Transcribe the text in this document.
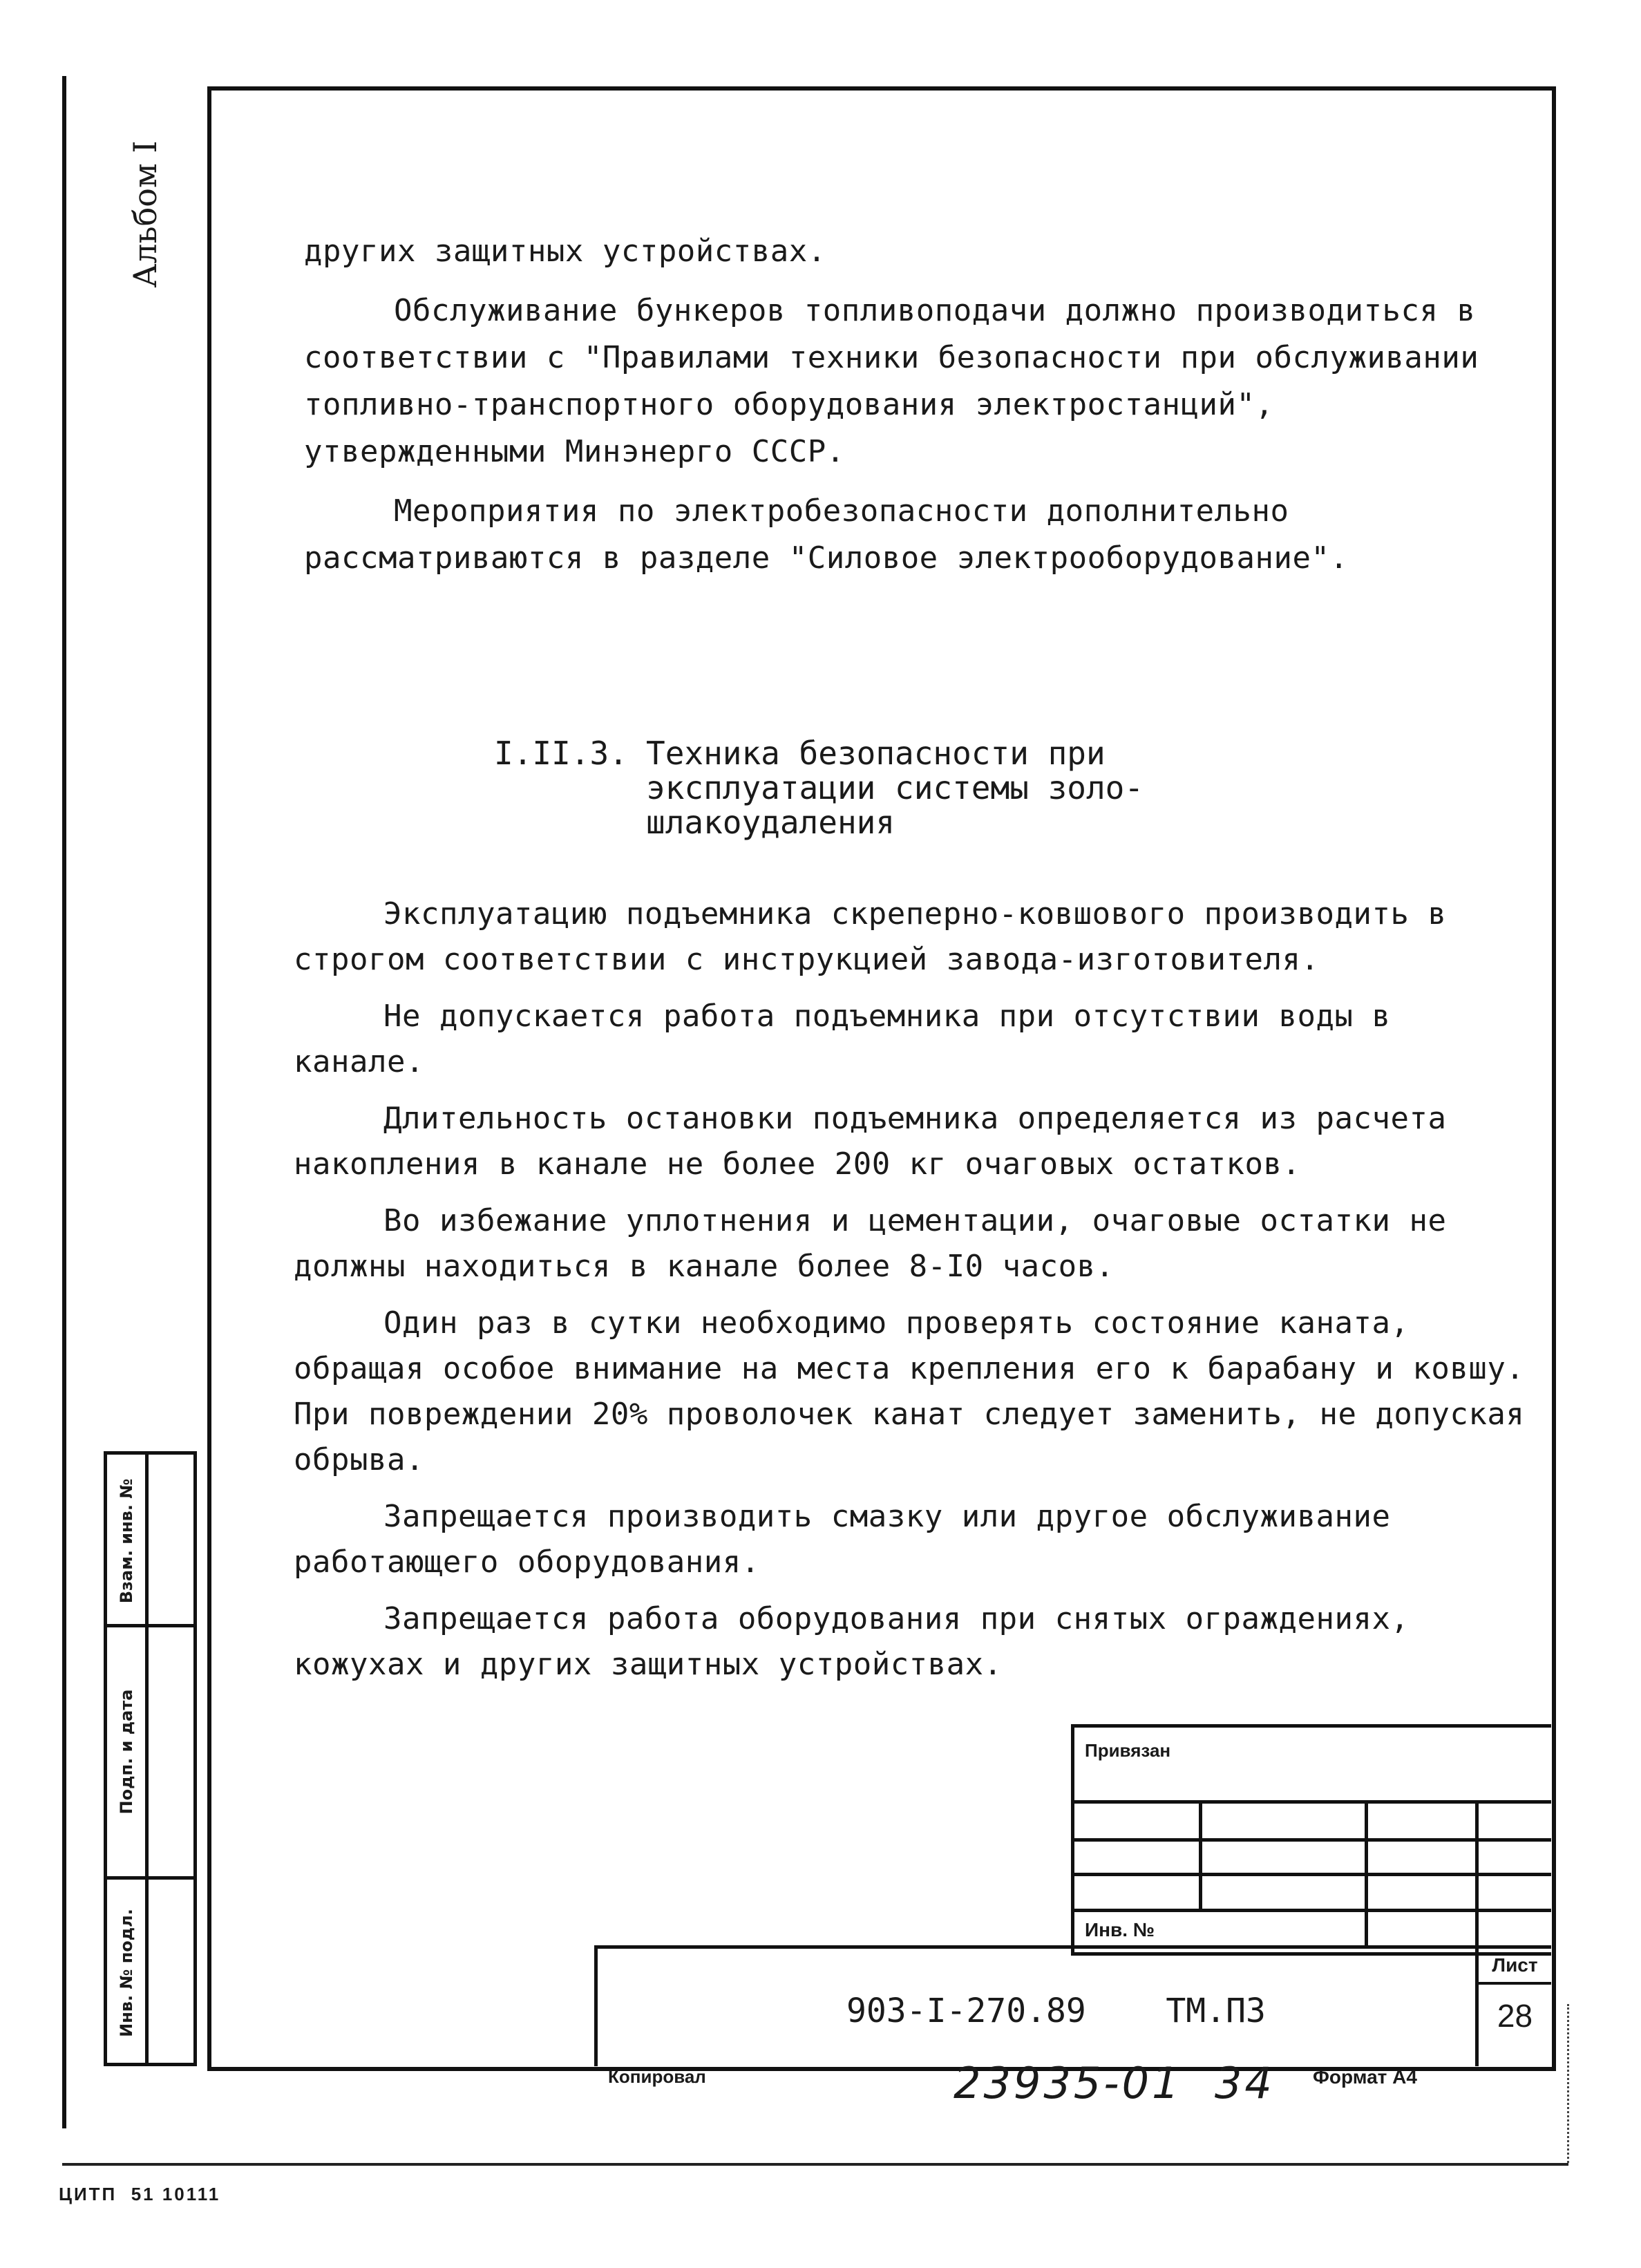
Альбом I	других защитных устройствах.

Обслуживание бункеров топливоподачи должно производиться в соответствии с "Правилами техники безопасности при обслуживании топливно-транспортного оборудования электростанций", утвержденными Минэнерго СССР.

Мероприятия по электробезопасности дополнительно рассматриваются в разделе "Силовое электрооборудование".

I.II.3. Техника безопасности при
эксплуатации системы золо-
шлакоудаления

Эксплуатацию подъемника скреперно-ковшового производить в строгом соответствии с инструкцией завода-изготовителя.

Не допускается работа подъемника при отсутствии воды в канале.

Длительность остановки подъемника определяется из расчета накопления в канале не более 200 кг очаговых остатков.

Во избежание уплотнения и цементации, очаговые остатки не должны находиться в канале более 8-I0 часов.

Один раз в сутки необходимо проверять состояние каната, обращая особое внимание на места крепления его к барабану и ковшу. При повреждении 20% проволочек канат следует заменить, не допуская обрыва.

Запрещается производить смазку или другое обслуживание работающего оборудования.

Запрещается работа оборудования при снятых ограждениях, кожухах и других защитных устройствах.

Взам. инв. №
Подп. и дата
Инв. № подл.
Привязан
Инв. №
903-I-270.89    ТМ.ПЗ
Лист
28
Копировал	23935-01  34 Формат А4
ЦИТП  51 10111
